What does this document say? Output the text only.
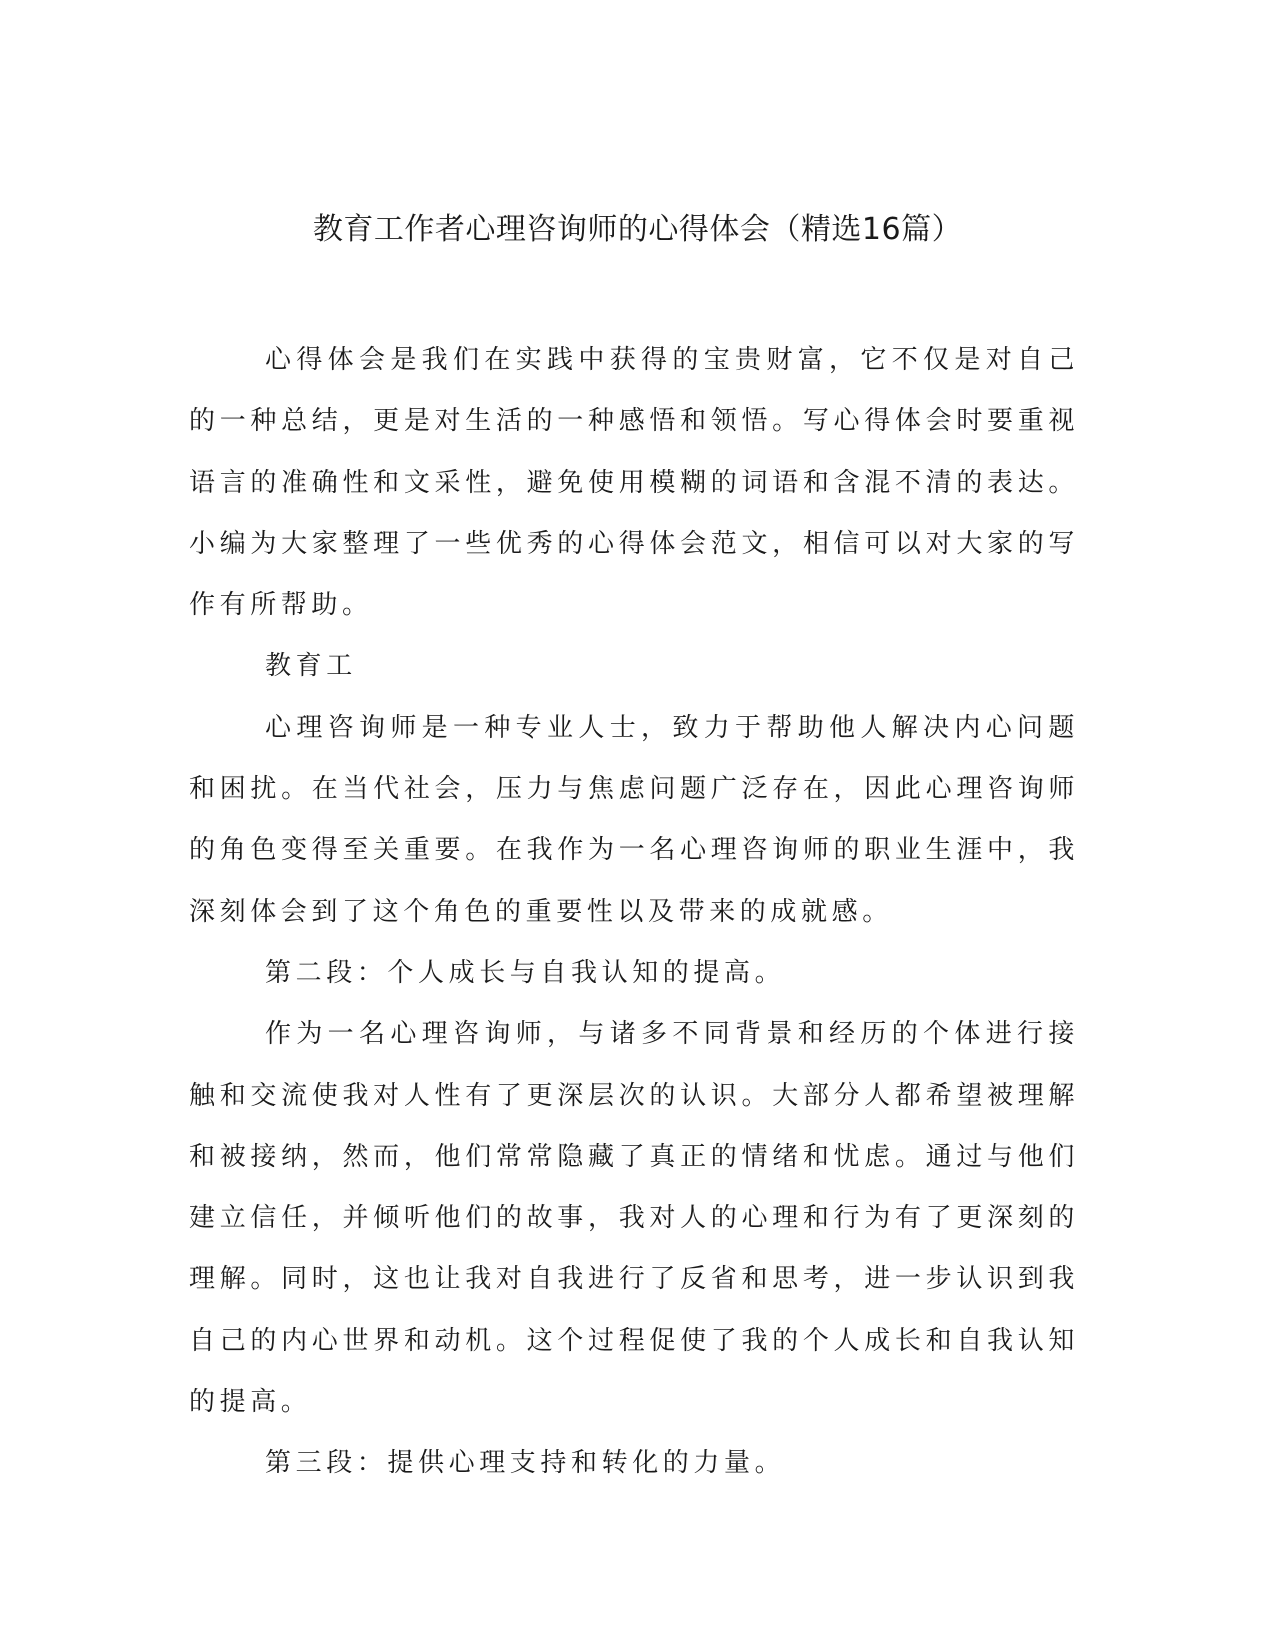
教育工作者心理咨询师的心得体会（精选16篇）

心得体会是我们在实践中获得的宝贵财富，它不仅是对自己的一种总结，更是对生活的一种感悟和领悟。写心得体会时要重视语言的准确性和文采性，避免使用模糊的词语和含混不清的表达。小编为大家整理了一些优秀的心得体会范文，相信可以对大家的写作有所帮助。

教育工

心理咨询师是一种专业人士，致力于帮助他人解决内心问题和困扰。在当代社会，压力与焦虑问题广泛存在，因此心理咨询师的角色变得至关重要。在我作为一名心理咨询师的职业生涯中，我深刻体会到了这个角色的重要性以及带来的成就感。

第二段：个人成长与自我认知的提高。

作为一名心理咨询师，与诸多不同背景和经历的个体进行接触和交流使我对人性有了更深层次的认识。大部分人都希望被理解和被接纳，然而，他们常常隐藏了真正的情绪和忧虑。通过与他们建立信任，并倾听他们的故事，我对人的心理和行为有了更深刻的理解。同时，这也让我对自我进行了反省和思考，进一步认识到我自己的内心世界和动机。这个过程促使了我的个人成长和自我认知的提高。

第三段：提供心理支持和转化的力量。
